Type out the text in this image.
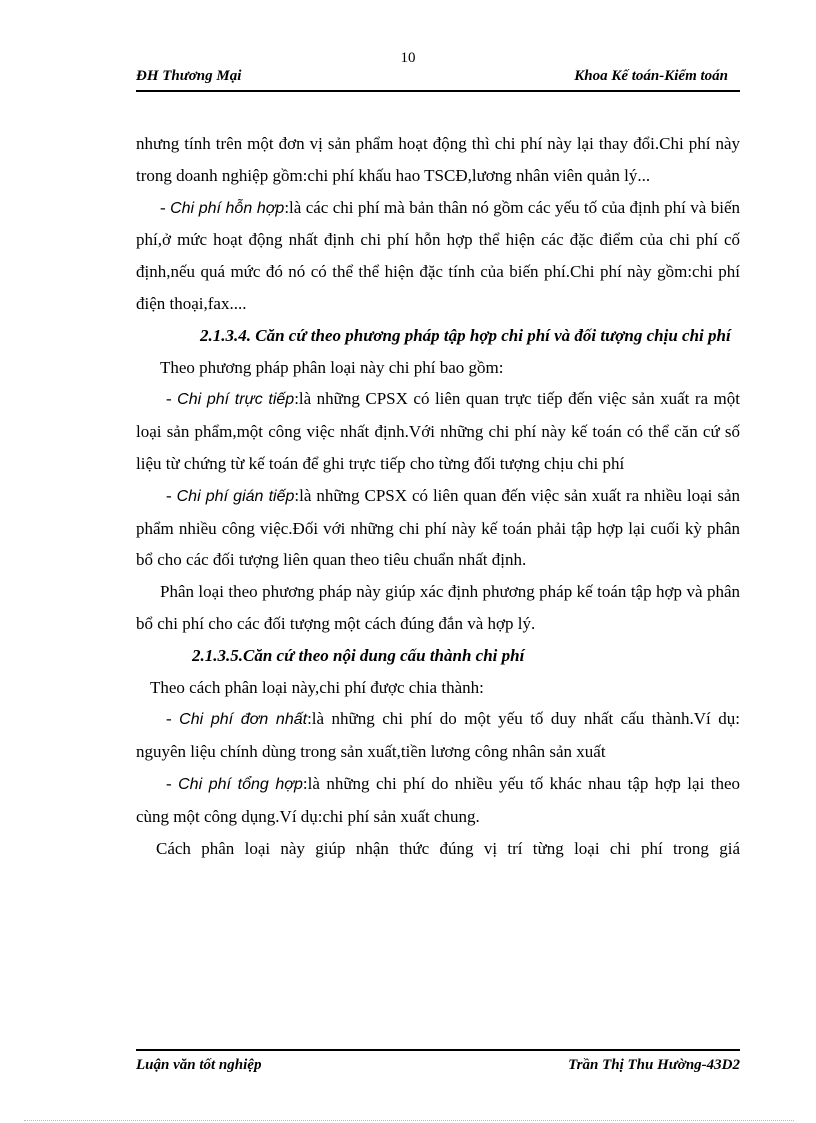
10
ĐH Thương Mại	Khoa Kế toán-Kiểm toán

nhưng tính trên một đơn vị sản phẩm hoạt động thì chi phí này lại thay đổi.Chi phí này trong doanh nghiệp gồm:chi phí khấu hao TSCĐ,lương nhân viên quản lý...

- Chi phí hỗn hợp:là các chi phí mà bản thân nó gồm các yếu tố của định phí và biến phí,ở mức hoạt động nhất định chi phí hỗn hợp thể hiện các đặc điểm của chi phí cố định,nếu quá mức đó nó có thể thể hiện đặc tính của biến phí.Chi phí này gồm:chi phí điện thoại,fax....

2.1.3.4. Căn cứ theo phương pháp tập hợp chi phí và đối tượng chịu chi phí

Theo phương pháp phân loại này chi phí bao gồm:

- Chi phí trực tiếp:là những CPSX có liên quan trực tiếp đến việc sản xuất ra một loại sản phẩm,một công việc nhất định.Với những chi phí này kế toán có thể căn cứ số liệu từ chứng từ kế toán để ghi trực tiếp cho từng đối tượng chịu chi phí

- Chi phí gián tiếp:là những CPSX có liên quan đến việc sản xuất ra nhiều loại sản phẩm nhiều công việc.Đối với những chi phí này kế toán phải tập hợp lại cuối kỳ phân bổ cho các đối tượng liên quan theo tiêu chuẩn nhất định.

Phân loại theo phương pháp này giúp xác định phương pháp kế toán tập hợp và phân bổ chi phí cho các đối tượng một cách đúng đắn và hợp lý.

2.1.3.5.Căn cứ theo nội dung cấu thành chi phí

Theo cách phân loại này,chi phí được chia thành:

- Chi phí đơn nhất:là những chi phí do một yếu tố duy nhất cấu thành.Ví dụ: nguyên liệu chính dùng trong sản xuất,tiền lương công nhân sản xuất

- Chi phí tổng hợp:là những chi phí do nhiều yếu tố khác nhau tập hợp lại theo cùng một công dụng.Ví dụ:chi phí sản xuất chung.

Cách phân loại này giúp nhận thức đúng vị trí từng loại chi phí trong giá

Luận văn tốt nghiệp	Trần Thị Thu Hường-43D2
